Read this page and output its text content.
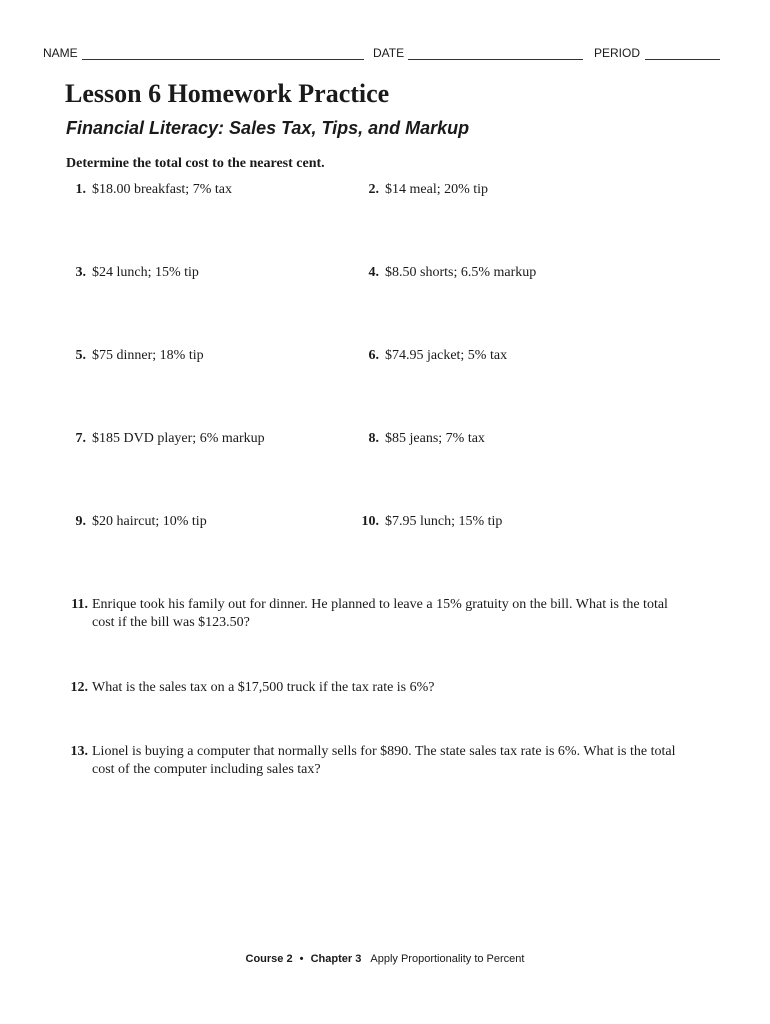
NAME	DATE	PERIOD
Lesson 6 Homework Practice
Financial Literacy: Sales Tax, Tips, and Markup
Determine the total cost to the nearest cent.
1. $18.00 breakfast; 7% tax	2. $14 meal; 20% tip
3. $24 lunch; 15% tip	4. $8.50 shorts; 6.5% markup
5. $75 dinner; 18% tip	6. $74.95 jacket; 5% tax
7. $185 DVD player; 6% markup	8. $85 jeans; 7% tax
9. $20 haircut; 10% tip	10. $7.95 lunch; 15% tip
11. Enrique took his family out for dinner. He planned to leave a 15% gratuity on the bill. What is the total cost if the bill was $123.50?
12. What is the sales tax on a $17,500 truck if the tax rate is 6%?
13. Lionel is buying a computer that normally sells for $890. The state sales tax rate is 6%. What is the total cost of the computer including sales tax?
Course 2 • Chapter 3 Apply Proportionality to Percent
